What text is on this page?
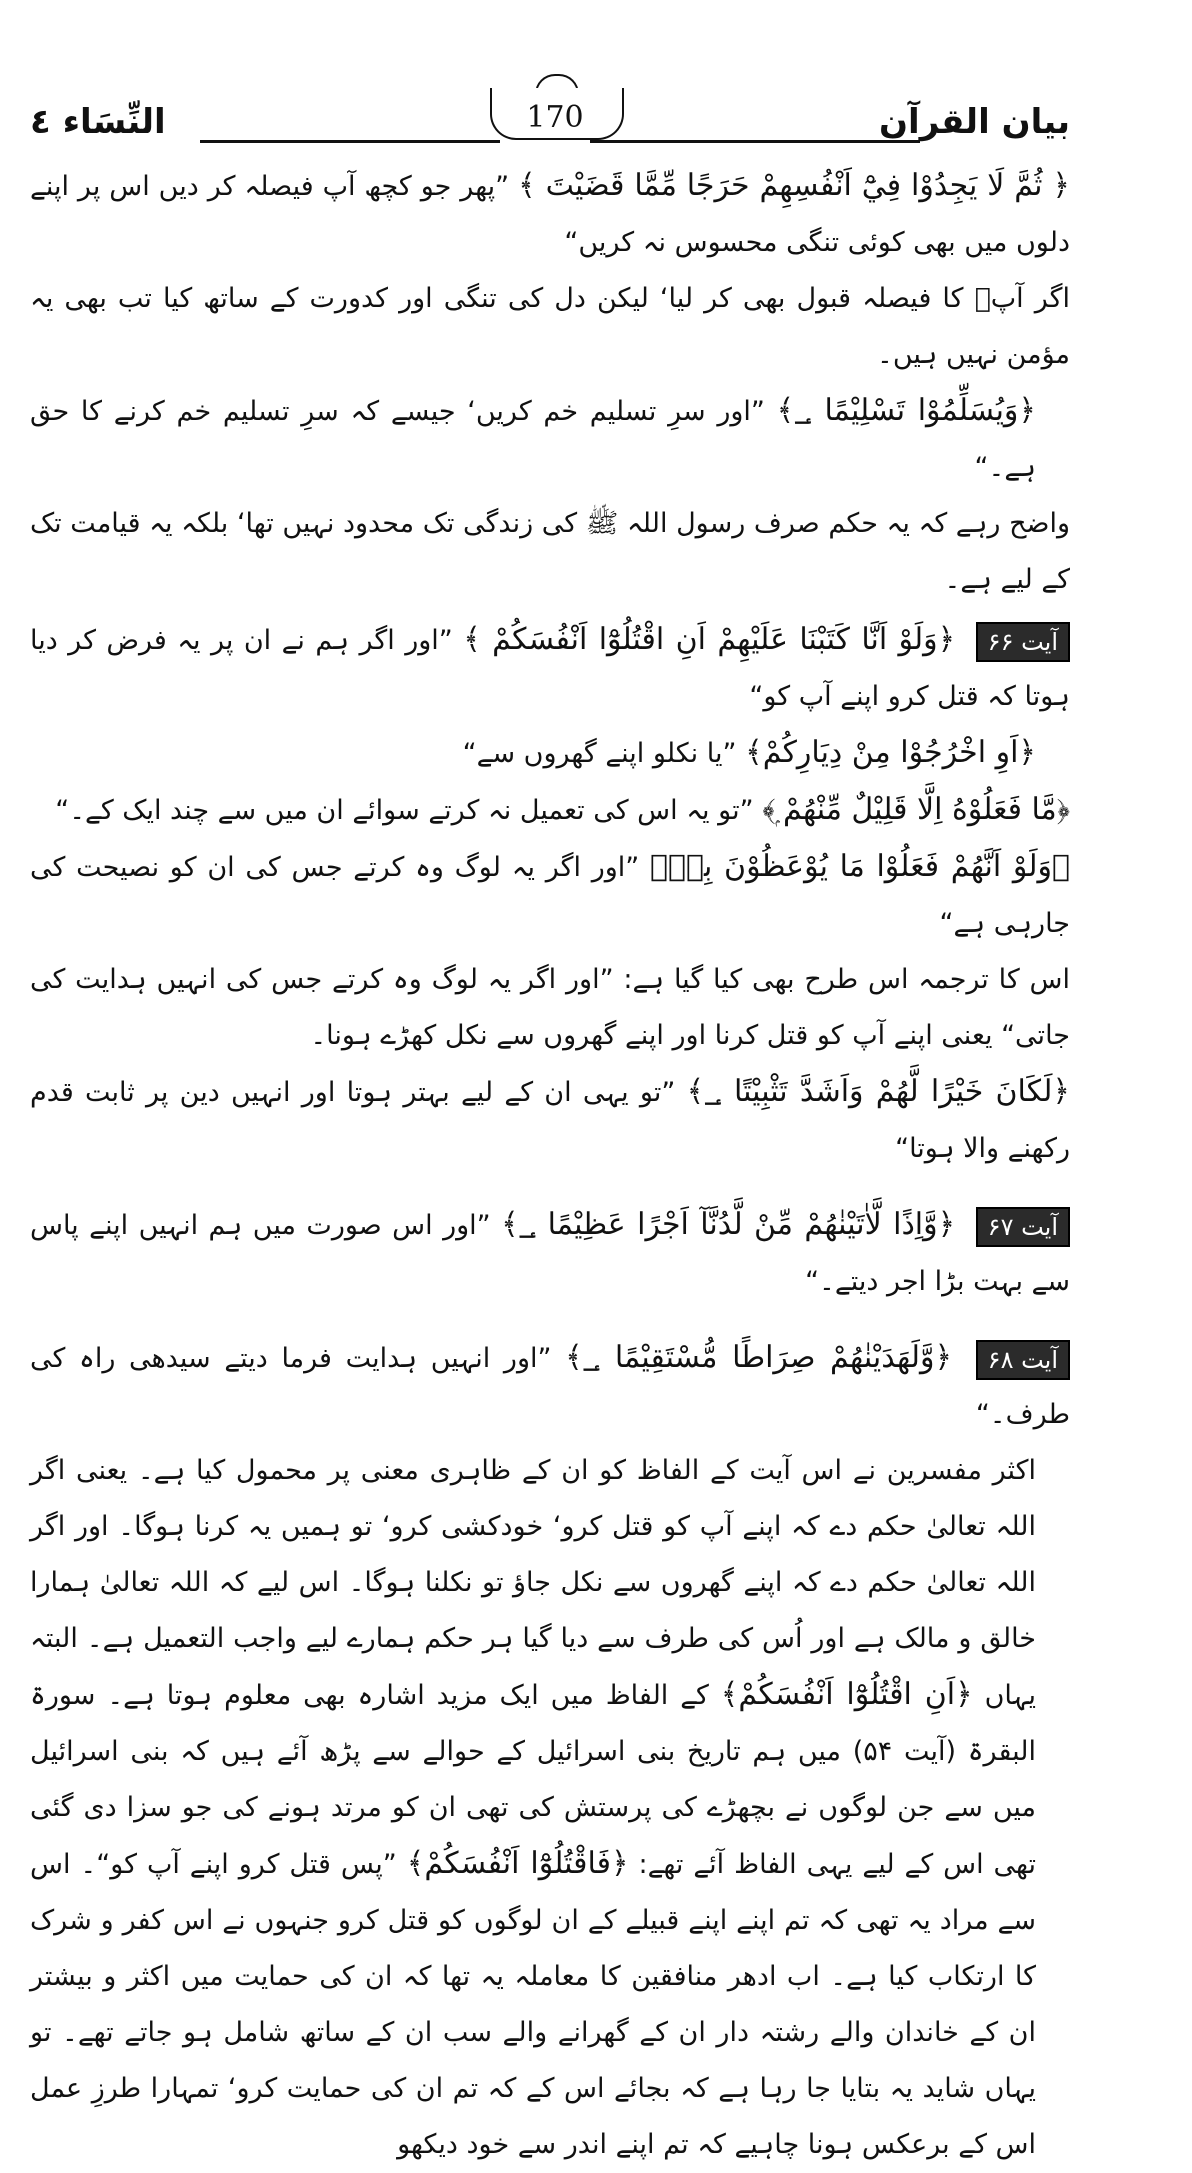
بیان القرآن
170
النِّسَاء ٤

﴿ ثُمَّ لَا يَجِدُوْا فِيْٓ اَنْفُسِهِمْ حَرَجًا مِّمَّا قَضَيْتَ ﴾ ”پھر جو کچھ آپ فیصلہ کر دیں اس پر اپنے دلوں میں بھی کوئی تنگی محسوس نہ کریں“

اگر آپؐ کا فیصلہ قبول بھی کر لیا‘ لیکن دل کی تنگی اور کدورت کے ساتھ کیا تب بھی یہ مؤمن نہیں ہیں۔

﴿وَيُسَلِّمُوْا تَسْلِيْمًا ؀﴾ ”اور سرِ تسلیم خم کریں‘ جیسے کہ سرِ تسلیم خم کرنے کا حق ہے۔“

واضح رہے کہ یہ حکم صرف رسول اللہ ﷺ کی زندگی تک محدود نہیں تھا‘ بلکہ یہ قیامت تک کے لیے ہے۔

آیت ۶۶ ﴿وَلَوْ اَنَّا كَتَبْنَا عَلَيْهِمْ اَنِ اقْتُلُوْٓا اَنْفُسَكُمْ ﴾ ”اور اگر ہم نے ان پر یہ فرض کر دیا ہوتا کہ قتل کرو اپنے آپ کو“

﴿اَوِ اخْرُجُوْا مِنْ دِيَارِكُمْ﴾ ”یا نکلو اپنے گھروں سے“

﴿مَّا فَعَلُوْهُ اِلَّا قَلِيْلٌ مِّنْهُمْ ۭ﴾ ”تو یہ اس کی تعمیل نہ کرتے سوائے ان میں سے چند ایک کے۔“

﴿وَلَوْ اَنَّهُمْ فَعَلُوْا مَا يُوْعَظُوْنَ بِهٖ﴾ ”اور اگر یہ لوگ وہ کرتے جس کی ان کو نصیحت کی جارہی ہے“

اس کا ترجمہ اس طرح بھی کیا گیا ہے: ”اور اگر یہ لوگ وہ کرتے جس کی انہیں ہدایت کی جاتی“ یعنی اپنے آپ کو قتل کرنا اور اپنے گھروں سے نکل کھڑے ہونا۔

﴿لَكَانَ خَيْرًا لَّهُمْ وَاَشَدَّ تَثْبِيْتًا ؀﴾ ”تو یہی ان کے لیے بہتر ہوتا اور انہیں دین پر ثابت قدم رکھنے والا ہوتا“

آیت ۶۷ ﴿وَّاِذًا لَّاٰتَيْنٰهُمْ مِّنْ لَّدُنَّآ اَجْرًا عَظِيْمًا ؀﴾ ”اور اس صورت میں ہم انہیں اپنے پاس سے بہت بڑا اجر دیتے۔“

آیت ۶۸ ﴿وَّلَهَدَيْنٰهُمْ صِرَاطًا مُّسْتَقِيْمًا ؀﴾ ”اور انہیں ہدایت فرما دیتے سیدھی راہ کی طرف۔“

اکثر مفسرین نے اس آیت کے الفاظ کو ان کے ظاہری معنی پر محمول کیا ہے۔ یعنی اگر اللہ تعالیٰ حکم دے کہ اپنے آپ کو قتل کرو‘ خودکشی کرو‘ تو ہمیں یہ کرنا ہوگا۔ اور اگر اللہ تعالیٰ حکم دے کہ اپنے گھروں سے نکل جاؤ تو نکلنا ہوگا۔ اس لیے کہ اللہ تعالیٰ ہمارا خالق و مالک ہے اور اُس کی طرف سے دیا گیا ہر حکم ہمارے لیے واجب التعمیل ہے۔ البتہ یہاں ﴿اَنِ اقْتُلُوْٓا اَنْفُسَكُمْ﴾ کے الفاظ میں ایک مزید اشارہ بھی معلوم ہوتا ہے۔ سورۃ البقرۃ (آیت ۵۴) میں ہم تاریخ بنی اسرائیل کے حوالے سے پڑھ آئے ہیں کہ بنی اسرائیل میں سے جن لوگوں نے بچھڑے کی پرستش کی تھی ان کو مرتد ہونے کی جو سزا دی گئی تھی اس کے لیے یہی الفاظ آئے تھے: ﴿فَاقْتُلُوْٓا اَنْفُسَكُمْ﴾ ”پس قتل کرو اپنے آپ کو“۔ اس سے مراد یہ تھی کہ تم اپنے اپنے قبیلے کے ان لوگوں کو قتل کرو جنہوں نے اس کفر و شرک کا ارتکاب کیا ہے۔ اب ادھر منافقین کا معاملہ یہ تھا کہ ان کی حمایت میں اکثر و بیشتر ان کے خاندان والے رشتہ دار ان کے گھرانے والے سب ان کے ساتھ شامل ہو جاتے تھے۔ تو یہاں شاید یہ بتایا جا رہا ہے کہ بجائے اس کے کہ تم ان کی حمایت کرو‘ تمہارا طرزِ عمل اس کے برعکس ہونا چاہیے کہ تم اپنے اندر سے خود دیکھو
